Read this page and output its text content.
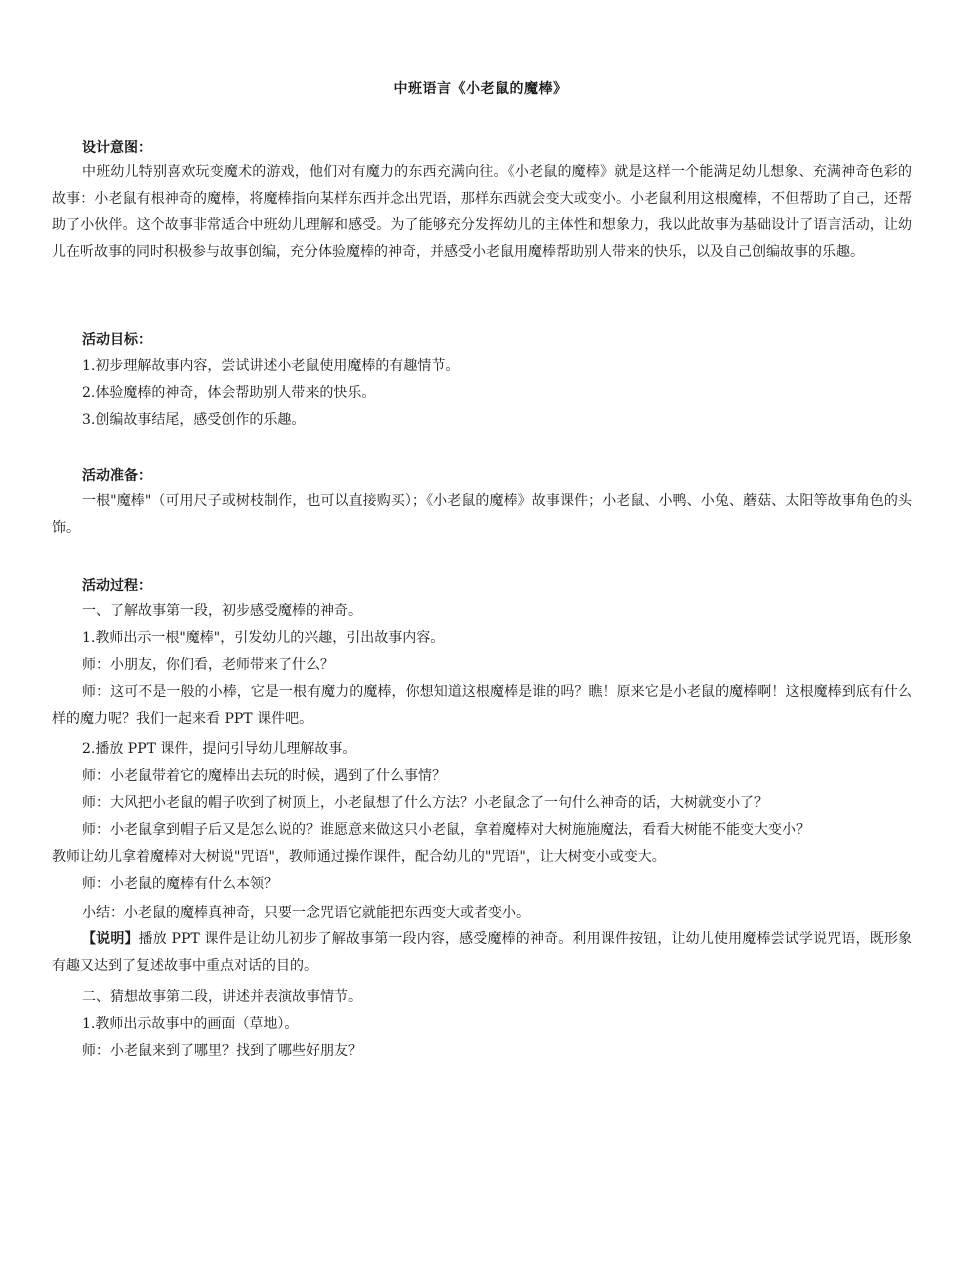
中班语言《小老鼠的魔棒》
设计意图：

中班幼儿特别喜欢玩变魔术的游戏，他们对有魔力的东西充满向往。《小老鼠的魔棒》就是这样一个能满足幼儿想象、充满神奇色彩的故事：小老鼠有根神奇的魔棒，将魔棒指向某样东西并念出咒语，那样东西就会变大或变小。小老鼠利用这根魔棒，不但帮助了自己，还帮助了小伙伴。这个故事非常适合中班幼儿理解和感受。为了能够充分发挥幼儿的主体性和想象力，我以此故事为基础设计了语言活动，让幼儿在听故事的同时积极参与故事创编，充分体验魔棒的神奇，并感受小老鼠用魔棒帮助别人带来的快乐，以及自己创编故事的乐趣。

活动目标：
1.初步理解故事内容，尝试讲述小老鼠使用魔棒的有趣情节。
2.体验魔棒的神奇，体会帮助别人带来的快乐。
3.创编故事结尾，感受创作的乐趣。
活动准备：

一根"魔棒"（可用尺子或树枝制作，也可以直接购买）；《小老鼠的魔棒》故事课件；小老鼠、小鸭、小兔、蘑菇、太阳等故事角色的头饰。

活动过程：
一、了解故事第一段，初步感受魔棒的神奇。
1.教师出示一根"魔棒"，引发幼儿的兴趣，引出故事内容。
师：小朋友，你们看，老师带来了什么？

师：这可不是一般的小棒，它是一根有魔力的魔棒，你想知道这根魔棒是谁的吗？瞧！原来它是小老鼠的魔棒啊！这根魔棒到底有什么样的魔力呢？我们一起来看 PPT 课件吧。

2.播放 PPT 课件，提问引导幼儿理解故事。
师：小老鼠带着它的魔棒出去玩的时候，遇到了什么事情？
师：大风把小老鼠的帽子吹到了树顶上，小老鼠想了什么方法？小老鼠念了一句什么神奇的话，大树就变小了？
师：小老鼠拿到帽子后又是怎么说的？谁愿意来做这只小老鼠，拿着魔棒对大树施施魔法，看看大树能不能变大变小？
教师让幼儿拿着魔棒对大树说"咒语"，教师通过操作课件，配合幼儿的"咒语"，让大树变小或变大。
师：小老鼠的魔棒有什么本领？
小结：小老鼠的魔棒真神奇，只要一念咒语它就能把东西变大或者变小。

【说明】播放 PPT 课件是让幼儿初步了解故事第一段内容，感受魔棒的神奇。利用课件按钮，让幼儿使用魔棒尝试学说咒语，既形象有趣又达到了复述故事中重点对话的目的。

二、猜想故事第二段，讲述并表演故事情节。
1.教师出示故事中的画面（草地）。
师：小老鼠来到了哪里？找到了哪些好朋友？
